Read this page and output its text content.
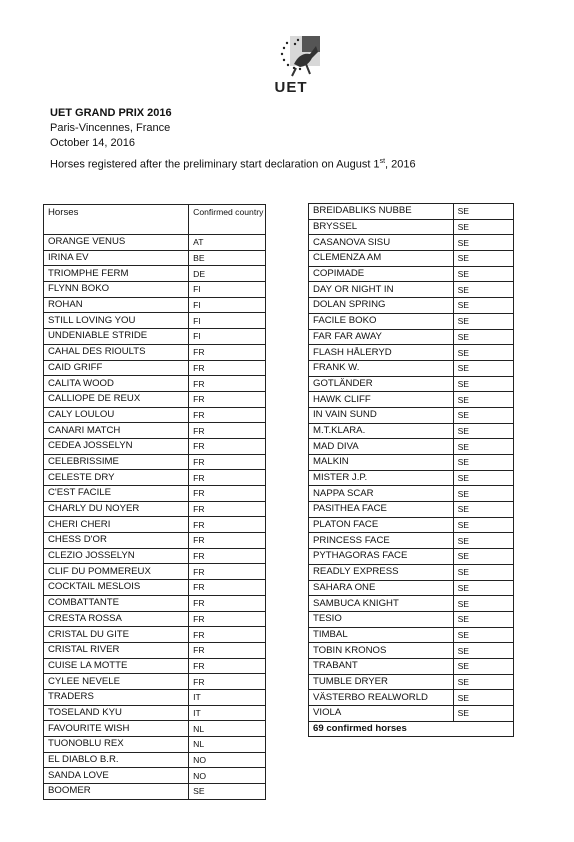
UET
UET GRAND PRIX 2016
Paris-Vincennes, France
October 14, 2016
Horses registered after the preliminary start declaration on August 1st, 2016
Horses	Confirmed country
ORANGE VENUS	AT
IRINA EV	BE
TRIOMPHE FERM	DE
FLYNN BOKO	FI
ROHAN	FI
STILL LOVING YOU	FI
UNDENIABLE STRIDE	FI
CAHAL DES RIOULTS	FR
CAID GRIFF	FR
CALITA WOOD	FR
CALLIOPE DE REUX	FR
CALY LOULOU	FR
CANARI MATCH	FR
CEDEA JOSSELYN	FR
CELEBRISSIME	FR
CELESTE DRY	FR
C'EST FACILE	FR
CHARLY DU NOYER	FR
CHERI CHERI	FR
CHESS D'OR	FR
CLEZIO JOSSELYN	FR
CLIF DU POMMEREUX	FR
COCKTAIL MESLOIS	FR
COMBATTANTE	FR
CRESTA ROSSA	FR
CRISTAL DU GITE	FR
CRISTAL RIVER	FR
CUISE LA MOTTE	FR
CYLEE NEVELE	FR
TRADERS	IT
TOSELAND KYU	IT
FAVOURITE WISH	NL
TUONOBLU REX	NL
EL DIABLO B.R.	NO
SANDA LOVE	NO
BOOMER	SE
BREIDABLIKS NUBBE	SE
BRYSSEL	SE
CASANOVA SISU	SE
CLEMENZA AM	SE
COPIMADE	SE
DAY OR NIGHT IN	SE
DOLAN SPRING	SE
FACILE BOKO	SE
FAR FAR AWAY	SE
FLASH HÅLERYD	SE
FRANK W.	SE
GOTLÄNDER	SE
HAWK CLIFF	SE
IN VAIN SUND	SE
M.T.KLARA.	SE
MAD DIVA	SE
MALKIN	SE
MISTER J.P.	SE
NAPPA SCAR	SE
PASITHEA FACE	SE
PLATON FACE	SE
PRINCESS FACE	SE
PYTHAGORAS FACE	SE
READLY EXPRESS	SE
SAHARA ONE	SE
SAMBUCA KNIGHT	SE
TESIO	SE
TIMBAL	SE
TOBIN KRONOS	SE
TRABANT	SE
TUMBLE DRYER	SE
VÄSTERBO REALWORLD	SE
VIOLA	SE
69 confirmed horses	
